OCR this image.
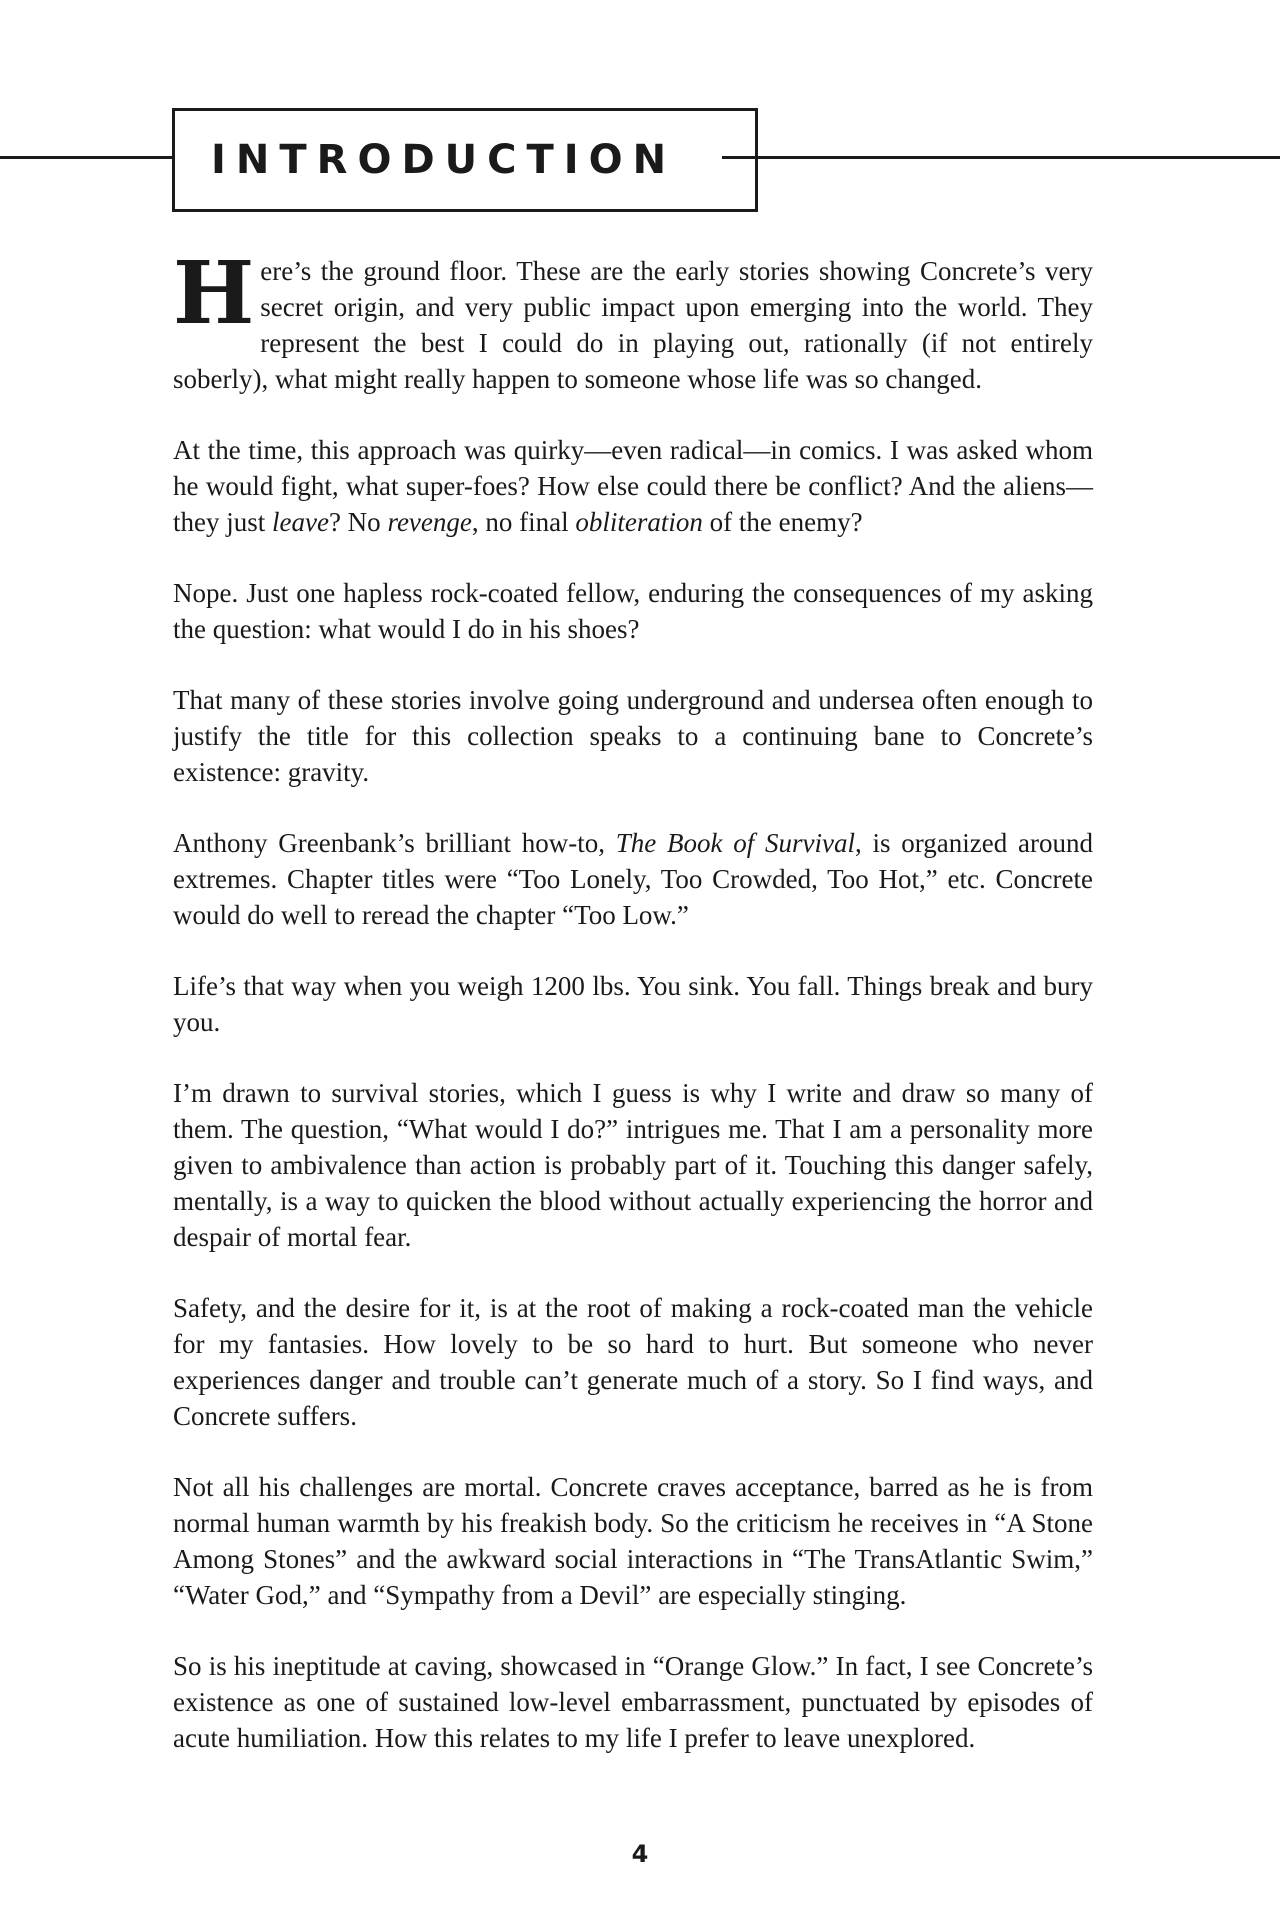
INTRODUCTION

Here’s the ground floor. These are the early stories showing Concrete’s very secret origin, and very public impact upon emerging into the world. They represent the best I could do in playing out, rationally (if not entirely soberly), what might really happen to someone whose life was so changed.

At the time, this approach was quirky—even radical—in comics. I was asked whom he would fight, what super-foes? How else could there be conflict? And the aliens—they just leave? No revenge, no final obliteration of the enemy?

Nope. Just one hapless rock-coated fellow, enduring the consequences of my asking the question: what would I do in his shoes?

That many of these stories involve going underground and undersea often enough to justify the title for this collection speaks to a continuing bane to Concrete’s existence: gravity.

Anthony Greenbank’s brilliant how-to, The Book of Survival, is organized around extremes. Chapter titles were “Too Lonely, Too Crowded, Too Hot,” etc. Concrete would do well to reread the chapter “Too Low.”

Life’s that way when you weigh 1200 lbs. You sink. You fall. Things break and bury you.

I’m drawn to survival stories, which I guess is why I write and draw so many of them. The question, “What would I do?” intrigues me. That I am a personality more given to ambivalence than action is probably part of it. Touching this danger safely, mentally, is a way to quicken the blood without actually experiencing the horror and despair of mortal fear.

Safety, and the desire for it, is at the root of making a rock-coated man the vehicle for my fantasies. How lovely to be so hard to hurt. But someone who never experiences danger and trouble can’t generate much of a story. So I find ways, and Concrete suffers.

Not all his challenges are mortal. Concrete craves acceptance, barred as he is from normal human warmth by his freakish body. So the criticism he receives in “A Stone Among Stones” and the awkward social interactions in “The TransAtlantic Swim,” “Water God,” and “Sympathy from a Devil” are especially stinging.

So is his ineptitude at caving, showcased in “Orange Glow.” In fact, I see Concrete’s existence as one of sustained low-level embarrassment, punctuated by episodes of acute humiliation. How this relates to my life I prefer to leave unexplored.

4
